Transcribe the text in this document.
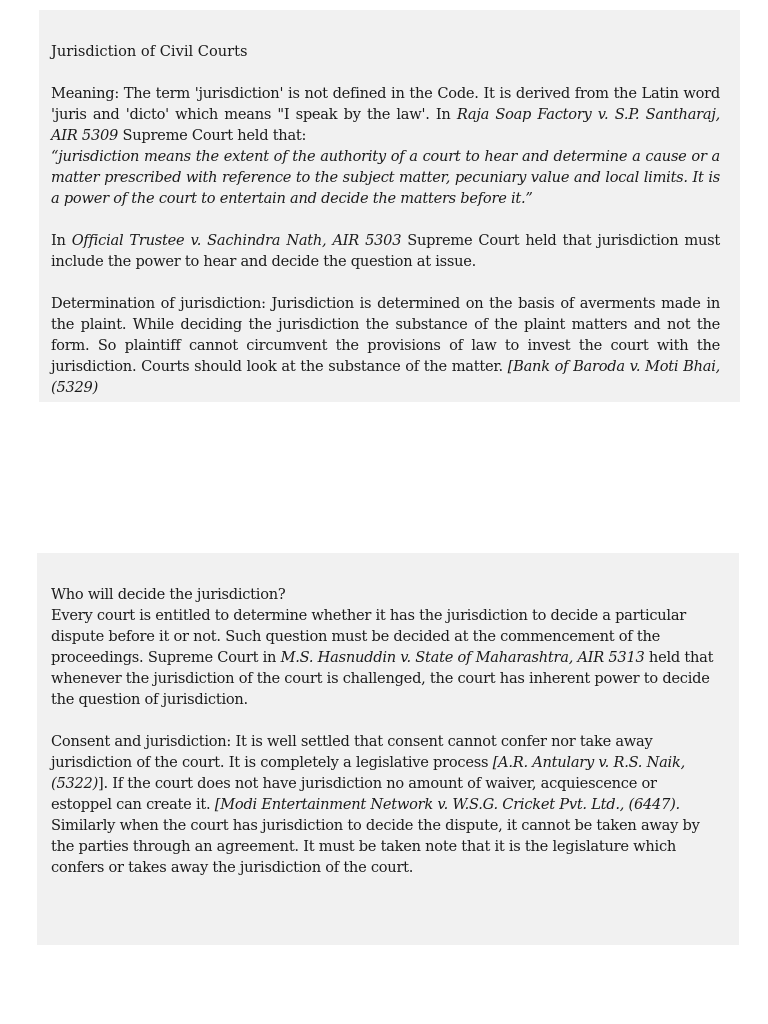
Jurisdiction of Civil Courts

Meaning: The term 'jurisdiction' is not defined in the Code. It is derived from the Latin word 'juris and 'dicto' which means "I speak by the law'. In Raja Soap Factory v. S.P. Santharaj, AIR 5309 Supreme Court held that:

“jurisdiction means the extent of the authority of a court to hear and determine a cause or a matter prescribed with reference to the subject matter, pecuniary value and local limits. It is a power of the court to entertain and decide the matters before it.”

In Official Trustee v. Sachindra Nath, AIR 5303 Supreme Court held that jurisdiction must include the power to hear and decide the question at issue.

Determination of jurisdiction: Jurisdiction is determined on the basis of averments made in the plaint. While deciding the jurisdiction the substance of the plaint matters and not the form. So plaintiff cannot circumvent the provisions of law to invest the court with the jurisdiction. Courts should look at the substance of the matter. [Bank of Baroda v. Moti Bhai, (5329)

Who will decide the jurisdiction?

Every court is entitled to determine whether it has the jurisdiction to decide a particular dispute before it or not. Such question must be decided at the commencement of the proceedings. Supreme Court in M.S. Hasnuddin v. State of Maharashtra, AIR 5313 held that whenever the jurisdiction of the court is challenged, the court has inherent power to decide the question of jurisdiction.

Consent and jurisdiction: It is well settled that consent cannot confer nor take away jurisdiction of the court. It is completely a legislative process [A.R. Antulary v. R.S. Naik, (5322)]. If the court does not have jurisdiction no amount of waiver, acquiescence or estoppel can create it. [Modi Entertainment Network v. W.S.G. Cricket Pvt. Ltd., (6447). Similarly when the court has jurisdiction to decide the dispute, it cannot be taken away by the parties through an agreement. It must be taken note that it is the legislature which confers or takes away the jurisdiction of the court.
